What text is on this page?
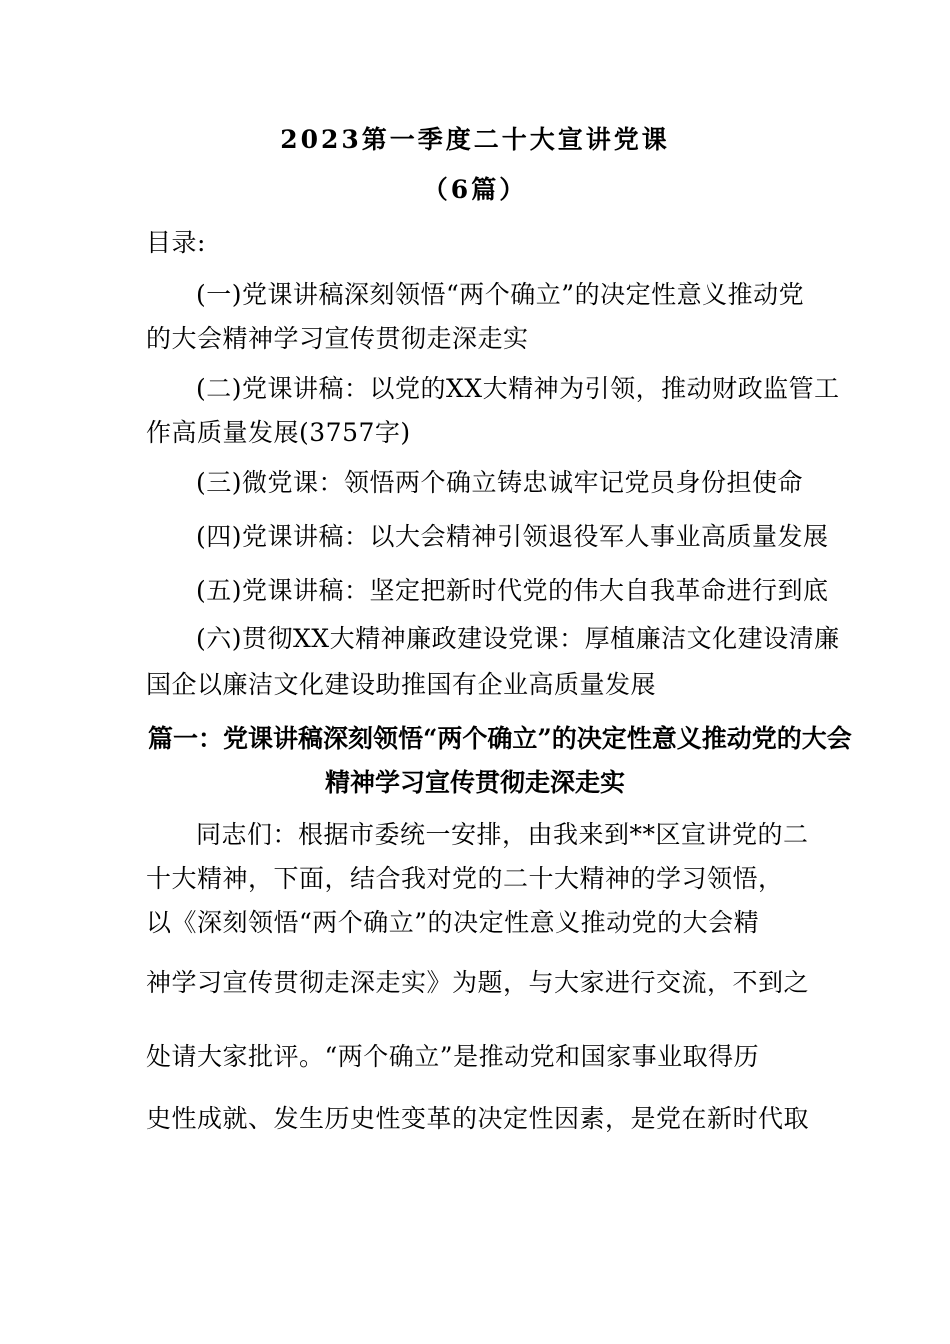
2023第一季度二十大宣讲党课
（6篇）
目录:
(一)党课讲稿深刻领悟“两个确立”的决定性意义推动党
的大会精神学习宣传贯彻走深走实
(二)党课讲稿：以党的XX大精神为引领，推动财政监管工
作高质量发展(3757字)
(三)微党课：领悟两个确立铸忠诚牢记党员身份担使命
(四)党课讲稿：以大会精神引领退役军人事业高质量发展
(五)党课讲稿：坚定把新时代党的伟大自我革命进行到底
(六)贯彻XX大精神廉政建设党课：厚植廉洁文化建设清廉
国企以廉洁文化建设助推国有企业高质量发展
篇一：党课讲稿深刻领悟“两个确立”的决定性意义推动党的大会
精神学习宣传贯彻走深走实
同志们：根据市委统一安排，由我来到**区宣讲党的二
十大精神，下面，结合我对党的二十大精神的学习领悟，
以《深刻领悟“两个确立”的决定性意义推动党的大会精
神学习宣传贯彻走深走实》为题，与大家进行交流，不到之
处请大家批评。“两个确立”是推动党和国家事业取得历
史性成就、发生历史性变革的决定性因素，是党在新时代取
